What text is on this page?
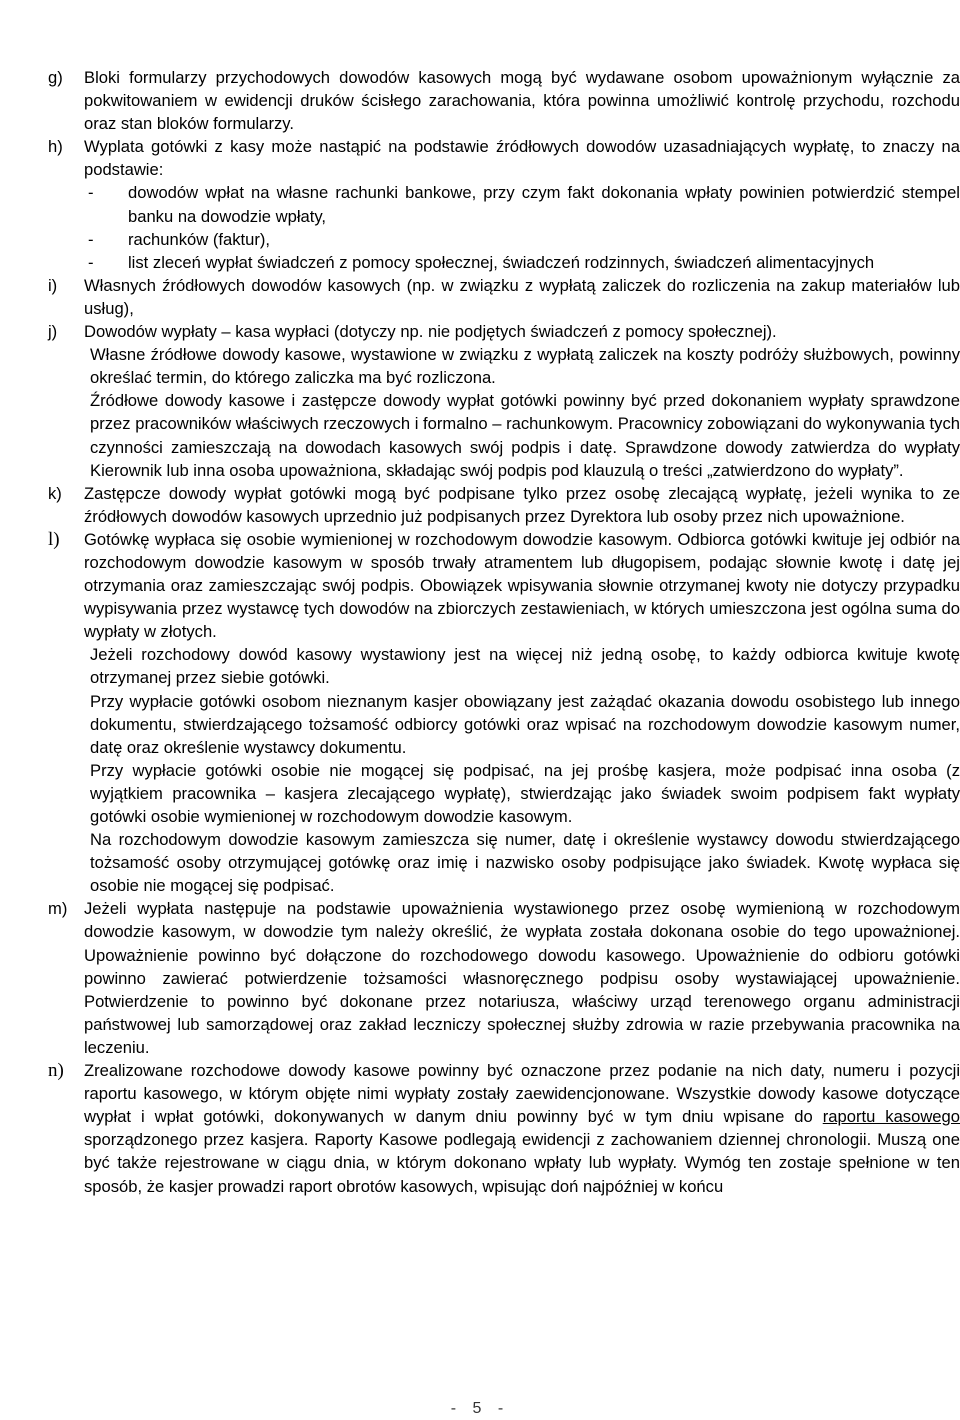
g)	Bloki formularzy przychodowych dowodów kasowych mogą być wydawane osobom upoważnionym wyłącznie za pokwitowaniem w ewidencji druków ścisłego zarachowania, która powinna umożliwić kontrolę przychodu, rozchodu oraz stan bloków formularzy.
h)	Wyplata gotówki z kasy może nastąpić na podstawie źródłowych dowodów uzasadniających wypłatę, to znaczy na podstawie:
-	dowodów wpłat na własne rachunki bankowe, przy czym fakt dokonania wpłaty powinien potwierdzić stempel banku na dowodzie wpłaty,
-	rachunków (faktur),
-	list zleceń wypłat świadczeń z pomocy społecznej, świadczeń rodzinnych, świadczeń alimentacyjnych
i)	Własnych źródłowych dowodów kasowych (np. w związku z wypłatą zaliczek do rozliczenia na zakup materiałów lub usług),
j)	Dowodów wypłaty – kasa wypłaci (dotyczy np. nie podjętych świadczeń z pomocy społecznej).
Własne źródłowe dowody kasowe, wystawione w związku z wypłatą zaliczek na koszty podróży służbowych, powinny określać termin, do którego zaliczka ma być rozliczona.
Źródłowe dowody kasowe i zastępcze dowody wypłat gotówki powinny być przed dokonaniem wypłaty sprawdzone przez pracowników właściwych rzeczowych i formalno – rachunkowym. Pracownicy zobowiązani do wykonywania tych czynności zamieszczają na dowodach kasowych swój podpis i datę. Sprawdzone dowody zatwierdza do wypłaty Kierownik lub inna osoba upoważniona, składając swój podpis pod klauzulą o treści „zatwierdzono do wypłaty”.
k)	Zastępcze dowody wypłat gotówki mogą być podpisane tylko przez osobę zlecającą wypłatę, jeżeli wynika to ze źródłowych dowodów kasowych uprzednio już podpisanych przez Dyrektora lub osoby przez nich upoważnione.
l)	Gotówkę wypłaca się osobie wymienionej w rozchodowym dowodzie kasowym. Odbiorca gotówki kwituje jej odbiór na rozchodowym dowodzie kasowym w sposób trwały atramentem lub długopisem, podając słownie kwotę i datę jej otrzymania oraz zamieszczając swój podpis. Obowiązek wpisywania słownie otrzymanej kwoty nie dotyczy przypadku wypisywania przez wystawcę tych dowodów na zbiorczych zestawieniach, w których umieszczona jest ogólna suma do wypłaty w złotych.
Jeżeli rozchodowy dowód kasowy wystawiony jest na więcej niż jedną osobę, to każdy odbiorca kwituje kwotę otrzymanej przez siebie gotówki.
Przy wypłacie gotówki osobom nieznanym kasjer obowiązany jest zażądać okazania dowodu osobistego lub innego dokumentu, stwierdzającego tożsamość odbiorcy gotówki oraz wpisać na rozchodowym dowodzie kasowym numer, datę oraz określenie wystawcy dokumentu.
Przy wypłacie gotówki osobie nie mogącej się podpisać, na jej prośbę kasjera, może podpisać inna osoba (z wyjątkiem pracownika – kasjera zlecającego wypłatę), stwierdzając jako świadek swoim podpisem fakt wypłaty gotówki osobie wymienionej w rozchodowym dowodzie kasowym.
Na rozchodowym dowodzie kasowym zamieszcza się numer, datę i określenie wystawcy dowodu stwierdzającego tożsamość osoby otrzymującej gotówkę oraz imię i nazwisko osoby podpisujące jako świadek. Kwotę wypłaca się osobie nie mogącej się podpisać.
m)	Jeżeli wypłata następuje na podstawie upoważnienia wystawionego przez osobę wymienioną w rozchodowym dowodzie kasowym, w dowodzie tym należy określić, że wypłata została dokonana osobie do tego upoważnionej. Upoważnienie powinno być dołączone do rozchodowego dowodu kasowego. Upoważnienie do odbioru gotówki powinno zawierać potwierdzenie tożsamości własnoręcznego podpisu osoby wystawiającej upoważnienie. Potwierdzenie to powinno być dokonane przez notariusza, właściwy urząd terenowego organu administracji państwowej lub samorządowej oraz zakład leczniczy społecznej służby zdrowia w razie przebywania pracownika na leczeniu.
n)	Zrealizowane rozchodowe dowody kasowe powinny być oznaczone przez podanie na nich daty, numeru i pozycji raportu kasowego, w którym objęte nimi wypłaty zostały zaewidencjonowane. Wszystkie dowody kasowe dotyczące wypłat i wpłat gotówki, dokonywanych w danym dniu powinny być w tym dniu wpisane do raportu kasowego sporządzonego przez kasjera. Raporty Kasowe podlegają ewidencji z zachowaniem dziennej chronologii. Muszą one być także rejestrowane w ciągu dnia, w którym dokonano wpłaty lub wypłaty. Wymóg ten zostaje spełnione w ten sposób, że kasjer prowadzi raport obrotów kasowych, wpisując doń najpóźniej w końcu
- 5 -
